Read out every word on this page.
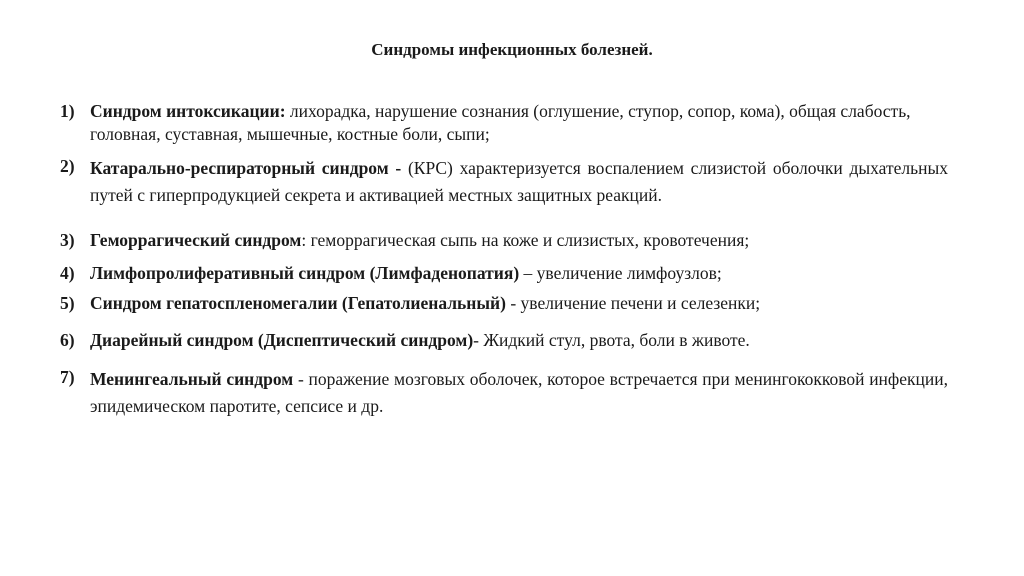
Синдромы инфекционных болезней.
1) Синдром интоксикации: лихорадка, нарушение сознания (оглушение, ступор, сопор, кома), общая слабость, головная, суставная, мышечные, костные боли, сыпи;
2) Катарально-респираторный синдром - (КРС) характеризуется воспалением слизистой оболочки дыхательных путей с гиперпродукцией секрета и активацией местных защитных реакций.
3) Геморрагический синдром: геморрагическая сыпь на коже и слизистых, кровотечения;
4) Лимфопролиферативный синдром (Лимфаденопатия) – увеличение лимфоузлов;
5) Синдром гепатоспленомегалии (Гепатолиенальный) - увеличение печени и селезенки;
6) Диарейный синдром (Диспептический синдром)- Жидкий стул, рвота, боли в животе.
7) Менингеальный синдром - поражение мозговых оболочек, которое встречается при менингококковой инфекции, эпидемическом паротите, сепсисе и др.
